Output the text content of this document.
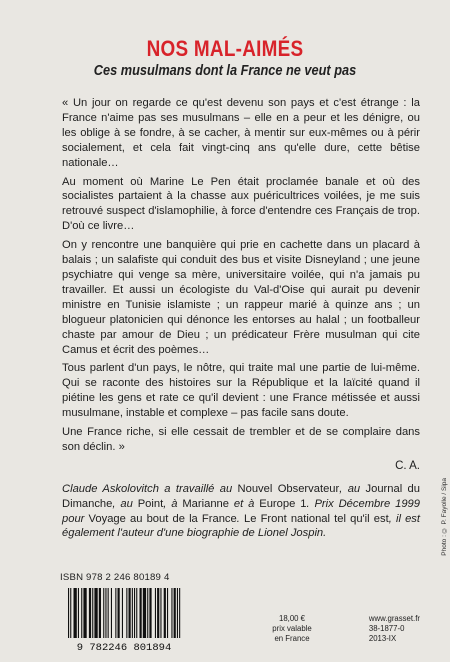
NOS MAL-AIMÉS
Ces musulmans dont la France ne veut pas

« Un jour on regarde ce qu'est devenu son pays et c'est étrange : la France n'aime pas ses musulmans – elle en a peur et les dénigre, ou les oblige à se fondre, à se cacher, à mentir sur eux-mêmes ou à périr socialement, et cela fait vingt-cinq ans qu'elle dure, cette bêtise nationale…

Au moment où Marine Le Pen était proclamée banale et où des socialistes partaient à la chasse aux puéricultrices voilées, je me suis retrouvé suspect d'islamophilie, à force d'entendre ces Français de trop. D'où ce livre…

On y rencontre une banquière qui prie en cachette dans un placard à balais ; un salafiste qui conduit des bus et visite Disneyland ; une jeune psychiatre qui venge sa mère, universitaire voilée, qui n'a jamais pu travailler. Et aussi un écologiste du Val-d'Oise qui aurait pu devenir ministre en Tunisie islamiste ; un rappeur marié à quinze ans ; un blogueur platonicien qui dénonce les entorses au halal ; un footballeur chaste par amour de Dieu ; un prédicateur Frère musulman qui cite Camus et écrit des poèmes…

Tous parlent d'un pays, le nôtre, qui traite mal une partie de lui-même. Qui se raconte des histoires sur la République et la laïcité quand il piétine les gens et rate ce qu'il devient : une France métissée et aussi musulmane, instable et complexe – pas facile sans doute.

Une France riche, si elle cessait de trembler et de se complaire dans son déclin. »

C. A.

Claude Askolovitch a travaillé au Nouvel Observateur, au Journal du Dimanche, au Point, à Marianne et à Europe 1. Prix Décembre 1999 pour Voyage au bout de la France. Le Front national tel qu'il est, il est également l'auteur d'une biographie de Lionel Jospin.	Photo : © P. Fayolle / Sipa
ISBN 978 2 246 80189 4
9 782246 801894
18,00 €
prix valable
en France
www.grasset.fr
38-1877-0
2013-IX
